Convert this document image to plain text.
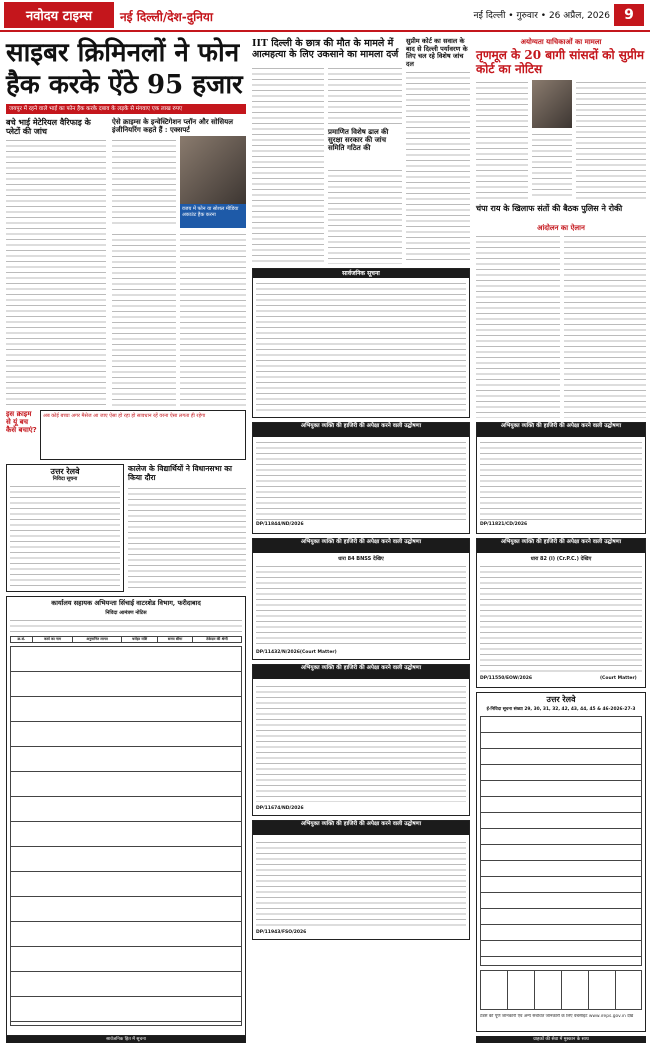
नवोदय टाइम्स	नई दिल्ली/देश-दुनिया	नई दिल्ली • गुरुवार • 26 अप्रैल, 2026	9
साइबर क्रिमिनलों ने फोन
हैक करके ऐंठे 95 हजार
जयपुर में रहने वाले भाई का फोन हैक करके दबाव के लड़के से मंगवाए एक लाख रुपए
बचे भाई मेटेरियल वैरिफाइ के प्लेटों की जांच
ऐसे क्राइम्स के इन्वेस्टिगेशन प्लॉन और सोसियल इंजीनियरिंग कहते हैं : एक्सपर्ट
वजय में फोन या सोशल मीडिया अकाउंट हैक करना
इस क्राइम से यूं बच कैसे बचाएं?
अब कोई बच्चा अगर मैसेज आ जाए ऐसा हो रहा हो सावधान रहें वरना ऐसा लगता ही रहेगा
IIT दिल्ली के छात्र की मौत के मामले में आत्महत्या के लिए उकसाने का मामला दर्ज
प्रमाणित विशेष ढाल की सुरक्षा सरकार की जांच समिति गठित की
सुप्रीम कोर्ट का सवाल के बाद से दिल्ली पर्यावरण के लिए चल रहे विशेष जांच दल
सार्वजनिक सूचना
अयोग्यता याचिकाओं का मामला
तृणमूल के 20 बागी सांसदों को सुप्रीम कोर्ट का नोटिस
चंपा राय के खिलाफ संतों की बैठक पुलिस ने रोकी
आंदोलन का ऐलान
अभियुक्त व्यक्ति की हाजिरी की अपेक्षा करने वाली उद्घोषणा
DP/11844/ND/2026
अभियुक्त व्यक्ति की हाजिरी की अपेक्षा करने वाली उद्घोषणा
DP/11821/CD/2026
उत्तर रेलवे
निविदा सूचना
कालेज के विद्यार्थियों ने विधानसभा का किया दौरा
अभियुक्त व्यक्ति की हाजिरी की अपेक्षा करने वाली उद्घोषणा
धारा 84 BNSS देखिए
DP/11432/N/2026(Court Matter)
अभियुक्त व्यक्ति की हाजिरी की अपेक्षा करने वाली उद्घोषणा
धारा 82 (i) (Cr.P.C.) देखिए
DP/11550/EOW/2026	(Court Matter)
कार्यालय सहायक अभियन्ता सिंचाई वाटरशेड विभाग, फरीदाबाद
निविदा आमंत्रण नोटिस
क्र.सं.	कार्य का नाम	अनुमानित लागत	धरोहर राशि	समय सीमा	ठेकेदार की श्रेणी
अभियुक्त व्यक्ति की हाजिरी की अपेक्षा करने वाली उद्घोषणा
DP/11674/ND/2026
अभियुक्त व्यक्ति की हाजिरी की अपेक्षा करने वाली उद्घोषणा
DP/11943/FSO/2026
उत्तर रेलवे
ई-निविदा सूचना संख्या 29, 30, 31, 32, 42, 43, 44, 45 & 46-2026-27-3
टेंडर्स की पूर्ण जानकारी एवं अन्य संबंधित जानकारी के लिए वेबसाइट www.ireps.gov.in देखें
सार्वजनिक हित में सूचना	ग्राहकों की सेवा में मुस्कान के साथ
